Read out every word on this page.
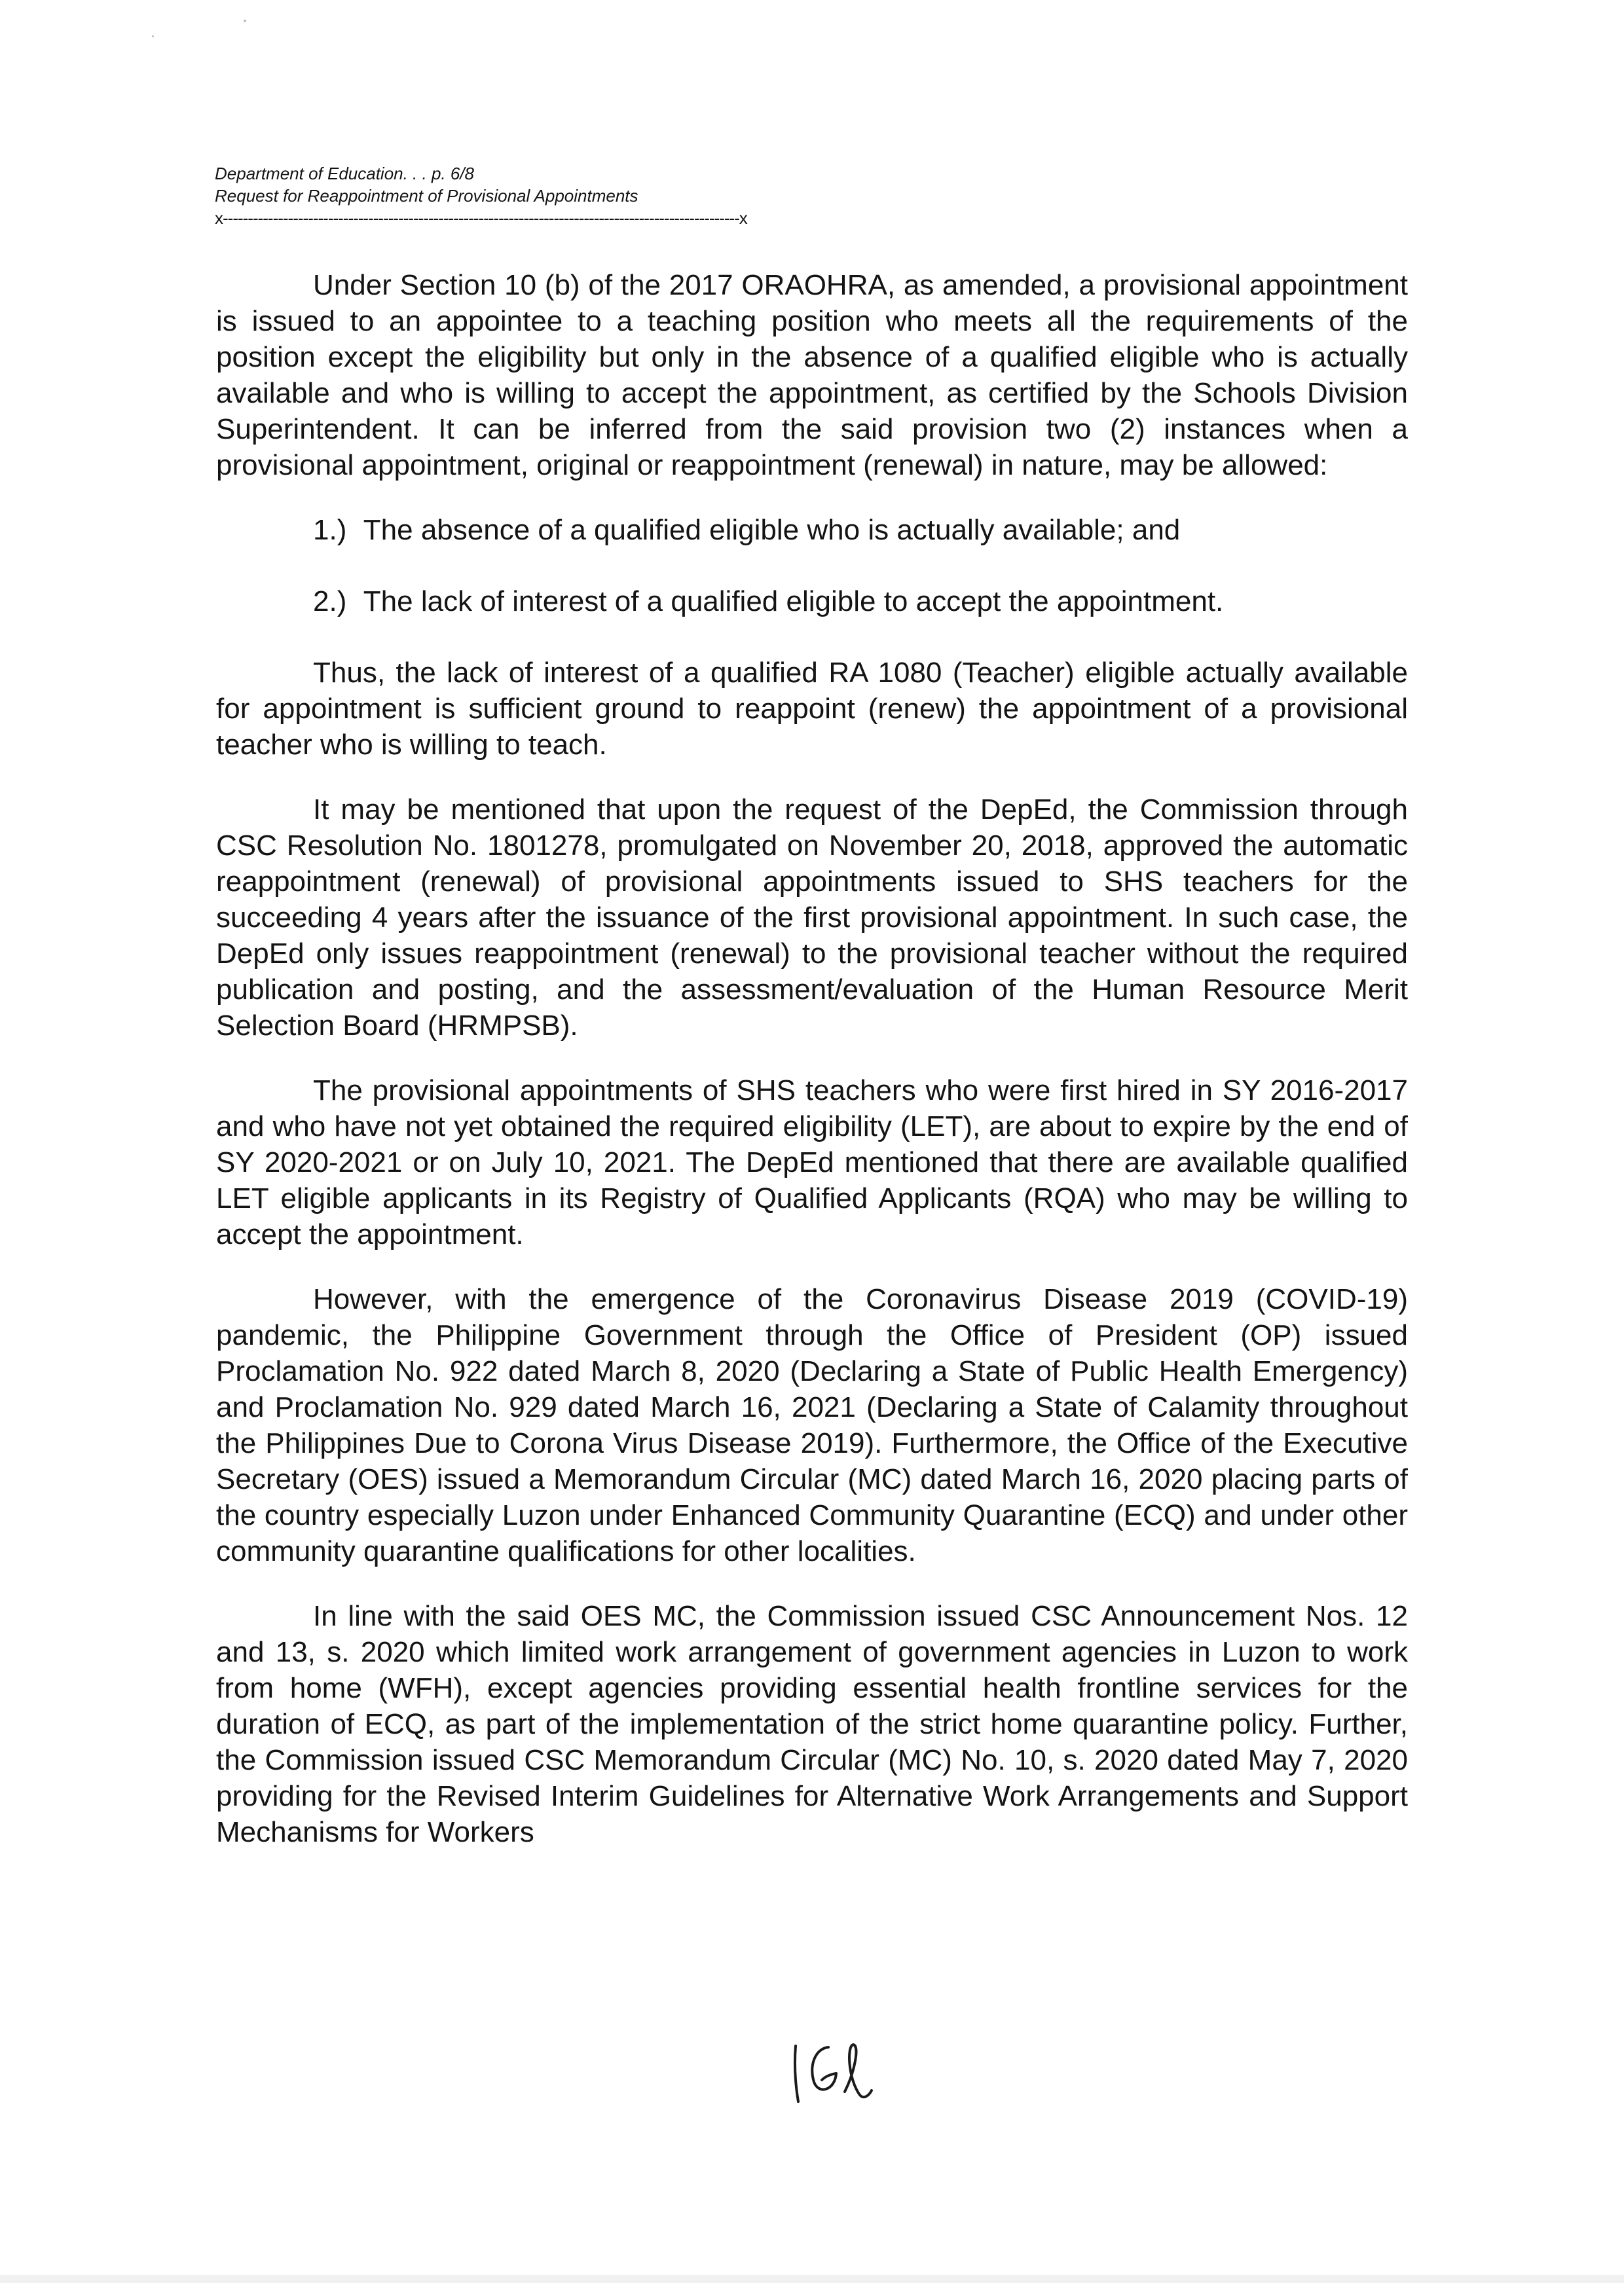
Department of Education. . . p. 6/8
Request for Reappointment of Provisional Appointments
x-------------------------------------------------------------------------------------------------------x

Under Section 10 (b) of the 2017 ORAOHRA, as amended, a provisional appointment is issued to an appointee to a teaching position who meets all the requirements of the position except the eligibility but only in the absence of a qualified eligible who is actually available and who is willing to accept the appointment, as certified by the Schools Division Superintendent. It can be inferred from the said provision two (2) instances when a provisional appointment, original or reappointment (renewal) in nature, may be allowed:

1.) The absence of a qualified eligible who is actually available; and
2.) The lack of interest of a qualified eligible to accept the appointment.

Thus, the lack of interest of a qualified RA 1080 (Teacher) eligible actually available for appointment is sufficient ground to reappoint (renew) the appointment of a provisional teacher who is willing to teach.

It may be mentioned that upon the request of the DepEd, the Commission through CSC Resolution No. 1801278, promulgated on November 20, 2018, approved the automatic reappointment (renewal) of provisional appointments issued to SHS teachers for the succeeding 4 years after the issuance of the first provisional appointment. In such case, the DepEd only issues reappointment (renewal) to the provisional teacher without the required publication and posting, and the assessment/evaluation of the Human Resource Merit Selection Board (HRMPSB).

The provisional appointments of SHS teachers who were first hired in SY 2016-2017 and who have not yet obtained the required eligibility (LET), are about to expire by the end of SY 2020-2021 or on July 10, 2021. The DepEd mentioned that there are available qualified LET eligible applicants in its Registry of Qualified Applicants (RQA) who may be willing to accept the appointment.

However, with the emergence of the Coronavirus Disease 2019 (COVID-19) pandemic, the Philippine Government through the Office of President (OP) issued Proclamation No. 922 dated March 8, 2020 (Declaring a State of Public Health Emergency) and Proclamation No. 929 dated March 16, 2021 (Declaring a State of Calamity throughout the Philippines Due to Corona Virus Disease 2019). Furthermore, the Office of the Executive Secretary (OES) issued a Memorandum Circular (MC) dated March 16, 2020 placing parts of the country especially Luzon under Enhanced Community Quarantine (ECQ) and under other community quarantine qualifications for other localities.

In line with the said OES MC, the Commission issued CSC Announcement Nos. 12 and 13, s. 2020 which limited work arrangement of government agencies in Luzon to work from home (WFH), except agencies providing essential health frontline services for the duration of ECQ, as part of the implementation of the strict home quarantine policy. Further, the Commission issued CSC Memorandum Circular (MC) No. 10, s. 2020 dated May 7, 2020 providing for the Revised Interim Guidelines for Alternative Work Arrangements and Support Mechanisms for Workers
